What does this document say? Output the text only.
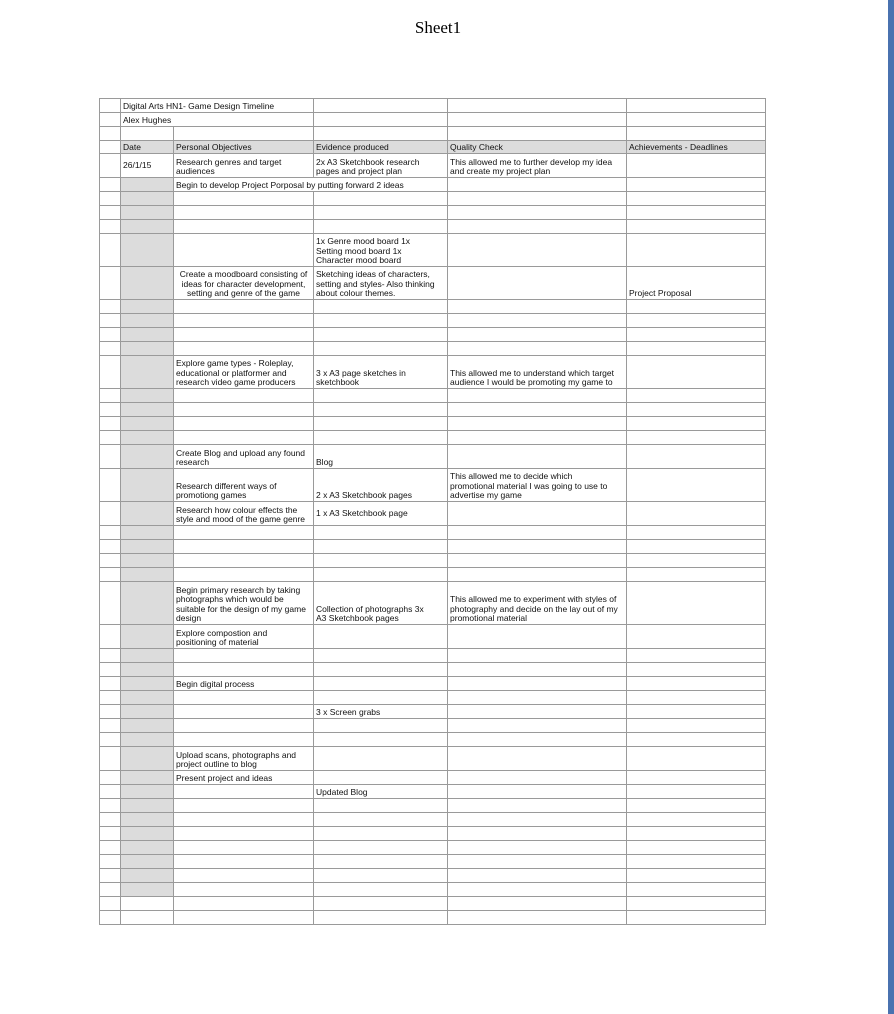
Sheet1
	Digital Arts HN1- Game Design Timeline				
	Alex Hughes				

	Date	Personal Objectives	Evidence produced	Quality Check	Achievements - Deadlines
	26/1/15	Research genres and target
audiences	2x A3 Sketchbook research
pages and project plan	This allowed me to further develop my idea
and create my project plan	
		Begin to develop Project Porposal by putting forward 2 ideas			

			1x Genre mood board 1x
Setting mood board 1x
Character mood board		
		Create a moodboard consisting of
ideas for character development,
setting and genre of the game	Sketching ideas of characters,
setting and styles- Also thinking
about colour themes.		Project Proposal

		Explore game types - Roleplay,
educational or platformer and
research video game producers	3 x A3 page sketches in
sketchbook	This allowed me to understand which target
audience I would be promoting my game to	

		Create Blog and upload any found
research	Blog		
		Research different ways of
promotiong games	2 x A3 Sketchbook pages	This allowed me to decide which
promotional material I was going to use to
advertise my game	
		Research how colour effects the
style and mood of the game genre	1 x A3 Sketchbook page		

		Begin primary research by taking
photographs which would be
suitable for the design of my game
design	Collection of photographs 3x
A3 Sketchbook pages	This allowed me to experiment with styles of
photography and decide on the lay out of my
promotional material	
		Explore compostion and
positioning of material			

		Begin digital process			

			3 x Screen grabs		

		Upload scans, photographs and
project outline to blog			
		Present project and ideas			
			Updated Blog		
